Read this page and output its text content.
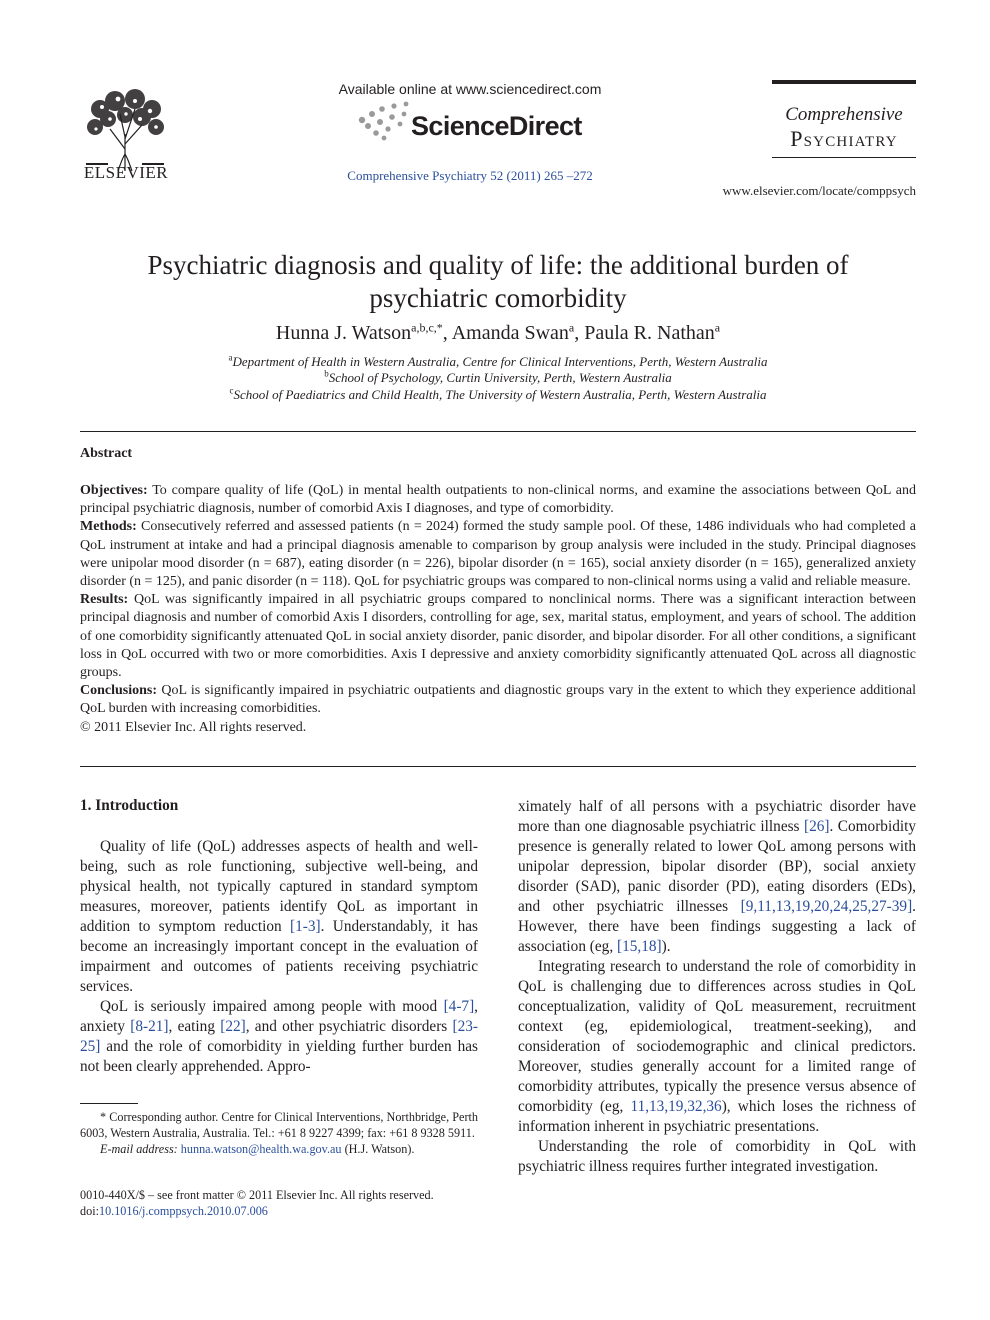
ELSEVIER
Available online at www.sciencedirect.com
ScienceDirect
Comprehensive Psychiatry 52 (2011) 265 –272
Comprehensive
Psychiatry
www.elsevier.com/locate/comppsych
Psychiatric diagnosis and quality of life: the additional burden of
psychiatric comorbidity
Hunna J. Watson$^{a,b,c,*}$, Amanda Swan$^a$, Paula R. Nathan$^a$
$^a$Department of Health in Western Australia, Centre for Clinical Interventions, Perth, Western Australia
$^b$School of Psychology, Curtin University, Perth, Western Australia
$^c$School of Paediatrics and Child Health, The University of Western Australia, Perth, Western Australia
Abstract

Objectives: To compare quality of life (QoL) in mental health outpatients to non-clinical norms, and examine the associations between QoL and principal psychiatric diagnosis, number of comorbid Axis I diagnoses, and type of comorbidity.

Methods: Consecutively referred and assessed patients (n = 2024) formed the study sample pool. Of these, 1486 individuals who had completed a QoL instrument at intake and had a principal diagnosis amenable to comparison by group analysis were included in the study. Principal diagnoses were unipolar mood disorder (n = 687), eating disorder (n = 226), bipolar disorder (n = 165), social anxiety disorder (n = 165), generalized anxiety disorder (n = 125), and panic disorder (n = 118). QoL for psychiatric groups was compared to non-clinical norms using a valid and reliable measure.

Results: QoL was significantly impaired in all psychiatric groups compared to nonclinical norms. There was a significant interaction between principal diagnosis and number of comorbid Axis I disorders, controlling for age, sex, marital status, employment, and years of school. The addition of one comorbidity significantly attenuated QoL in social anxiety disorder, panic disorder, and bipolar disorder. For all other conditions, a significant loss in QoL occurred with two or more comorbidities. Axis I depressive and anxiety comorbidity significantly attenuated QoL across all diagnostic groups.

Conclusions: QoL is significantly impaired in psychiatric outpatients and diagnostic groups vary in the extent to which they experience additional QoL burden with increasing comorbidities.

© 2011 Elsevier Inc. All rights reserved.

1. Introduction

Quality of life (QoL) addresses aspects of health and well-being, such as role functioning, subjective well-being, and physical health, not typically captured in standard symptom measures, moreover, patients identify QoL as important in addition to symptom reduction [1-3]. Understandably, it has become an increasingly important concept in the evaluation of impairment and outcomes of patients receiving psychiatric services.

QoL is seriously impaired among people with mood [4-7], anxiety [8-21], eating [22], and other psychiatric disorders [23-25] and the role of comorbidity in yielding further burden has not been clearly apprehended. Appro-

ximately half of all persons with a psychiatric disorder have more than one diagnosable psychiatric illness [26]. Comorbidity presence is generally related to lower QoL among persons with unipolar depression, bipolar disorder (BP), social anxiety disorder (SAD), panic disorder (PD), eating disorders (EDs), and other psychiatric illnesses [9,11,13,19,20,24,25,27-39]. However, there have been findings suggesting a lack of association (eg, [15,18]).

Integrating research to understand the role of comorbidity in QoL is challenging due to differences across studies in QoL conceptualization, validity of QoL measurement, recruitment context (eg, epidemiological, treatment-seeking), and consideration of sociodemographic and clinical predictors. Moreover, studies generally account for a limited range of comorbidity attributes, typically the presence versus absence of comorbidity (eg, 11,13,19,32,36), which loses the richness of information inherent in psychiatric presentations.

Understanding the role of comorbidity in QoL with psychiatric illness requires further integrated investigation.

* Corresponding author. Centre for Clinical Interventions, Northbridge, Perth 6003, Western Australia, Australia. Tel.: +61 8 9227 4399; fax: +61 8 9328 5911.

E-mail address: hunna.watson@health.wa.gov.au (H.J. Watson).

0010-440X/$ – see front matter © 2011 Elsevier Inc. All rights reserved.

doi:10.1016/j.comppsych.2010.07.006
